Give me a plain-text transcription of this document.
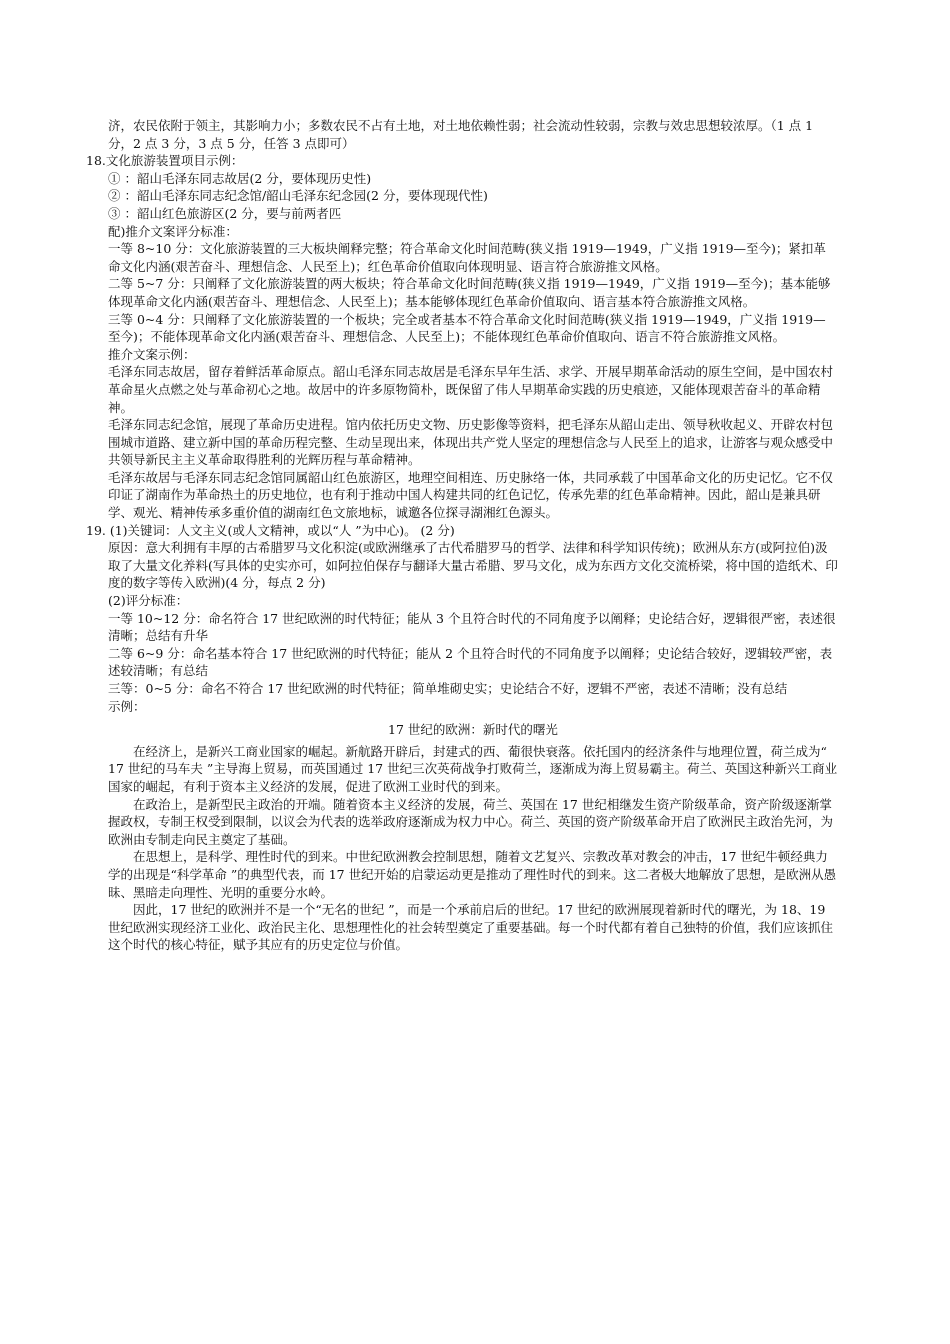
济，农民依附于领主，其影响力小；多数农民不占有土地，对土地依赖性弱；社会流动性较弱，宗教与效忠思想较浓厚。（1 点 1 分，2 点 3 分，3 点 5 分，任答 3 点即可）

18.文化旅游装置项目示例：

① ：韶山毛泽东同志故居(2 分，要体现历史性)

② ：韶山毛泽东同志纪念馆/韶山毛泽东纪念园(2 分，要体现现代性)

③ ：韶山红色旅游区(2 分，要与前两者匹

配)推介文案评分标准：

一等 8~10 分：文化旅游装置的三大板块阐释完整；符合革命文化时间范畴(狭义指 1919—1949，广义指 1919—至今)；紧扣革命文化内涵(艰苦奋斗、理想信念、人民至上)；红色革命价值取向体现明显、语言符合旅游推文风格。

二等 5~7 分：只阐释了文化旅游装置的两大板块；符合革命文化时间范畴(狭义指 1919—1949，广义指 1919—至今)；基本能够体现革命文化内涵(艰苦奋斗、理想信念、人民至上)；基本能够体现红色革命价值取向、语言基本符合旅游推文风格。

三等 0~4 分：只阐释了文化旅游装置的一个板块；完全或者基本不符合革命文化时间范畴(狭义指 1919—1949，广义指 1919—至今)；不能体现革命文化内涵(艰苦奋斗、理想信念、人民至上)；不能体现红色革命价值取向、语言不符合旅游推文风格。

推介文案示例：

毛泽东同志故居，留存着鲜活革命原点。韶山毛泽东同志故居是毛泽东早年生活、求学、开展早期革命活动的原生空间，是中国农村革命星火点燃之处与革命初心之地。故居中的许多原物简朴，既保留了伟人早期革命实践的历史痕迹，又能体现艰苦奋斗的革命精神。

毛泽东同志纪念馆，展现了革命历史进程。馆内依托历史文物、历史影像等资料，把毛泽东从韶山走出、领导秋收起义、开辟农村包围城市道路、建立新中国的革命历程完整、生动呈现出来，体现出共产党人坚定的理想信念与人民至上的追求，让游客与观众感受中共领导新民主主义革命取得胜利的光辉历程与革命精神。

毛泽东故居与毛泽东同志纪念馆同属韶山红色旅游区，地理空间相连、历史脉络一体，共同承载了中国革命文化的历史记忆。它不仅印证了湖南作为革命热土的历史地位，也有利于推动中国人构建共同的红色记忆，传承先辈的红色革命精神。因此，韶山是兼具研学、观光、精神传承多重价值的湖南红色文旅地标，诚邀各位探寻湖湘红色源头。

19. (1)关键词：人文主义(或人文精神，或以“人 ”为中心)。 (2 分)

原因：意大利拥有丰厚的古希腊罗马文化积淀(或欧洲继承了古代希腊罗马的哲学、法律和科学知识传统)；欧洲从东方(或阿拉伯)汲取了大量文化养料(写具体的史实亦可，如阿拉伯保存与翻译大量古希腊、罗马文化，成为东西方文化交流桥梁，将中国的造纸术、印度的数字等传入欧洲)(4 分，每点 2 分)

(2)评分标准：

一等 10~12 分：命名符合 17 世纪欧洲的时代特征；能从 3 个且符合时代的不同角度予以阐释；史论结合好，逻辑很严密，表述很清晰；总结有升华

二等 6~9 分：命名基本符合 17 世纪欧洲的时代特征；能从 2 个且符合时代的不同角度予以阐释；史论结合较好，逻辑较严密，表述较清晰；有总结

三等：0~5 分：命名不符合 17 世纪欧洲的时代特征；简单堆砌史实；史论结合不好，逻辑不严密，表述不清晰；没有总结

示例：

17 世纪的欧洲：新时代的曙光

在经济上，是新兴工商业国家的崛起。新航路开辟后，封建式的西、葡很快衰落。依托国内的经济条件与地理位置，荷兰成为“ 17 世纪的马车夫 ”主导海上贸易，而英国通过 17 世纪三次英荷战争打败荷兰，逐渐成为海上贸易霸主。荷兰、英国这种新兴工商业国家的崛起，有利于资本主义经济的发展，促进了欧洲工业时代的到来。

在政治上，是新型民主政治的开端。随着资本主义经济的发展，荷兰、英国在 17 世纪相继发生资产阶级革命，资产阶级逐渐掌握政权，专制王权受到限制，以议会为代表的选举政府逐渐成为权力中心。荷兰、英国的资产阶级革命开启了欧洲民主政治先河，为欧洲由专制走向民主奠定了基础。

在思想上，是科学、理性时代的到来。中世纪欧洲教会控制思想，随着文艺复兴、宗教改革对教会的冲击，17 世纪牛顿经典力学的出现是“科学革命 ”的典型代表，而 17 世纪开始的启蒙运动更是推动了理性时代的到来。这二者极大地解放了思想，是欧洲从愚昧、黑暗走向理性、光明的重要分水岭。

因此，17 世纪的欧洲并不是一个“无名的世纪 ”，而是一个承前启后的世纪。17 世纪的欧洲展现着新时代的曙光，为 18、19 世纪欧洲实现经济工业化、政治民主化、思想理性化的社会转型奠定了重要基础。每一个时代都有着自己独特的价值，我们应该抓住这个时代的核心特征，赋予其应有的历史定位与价值。
